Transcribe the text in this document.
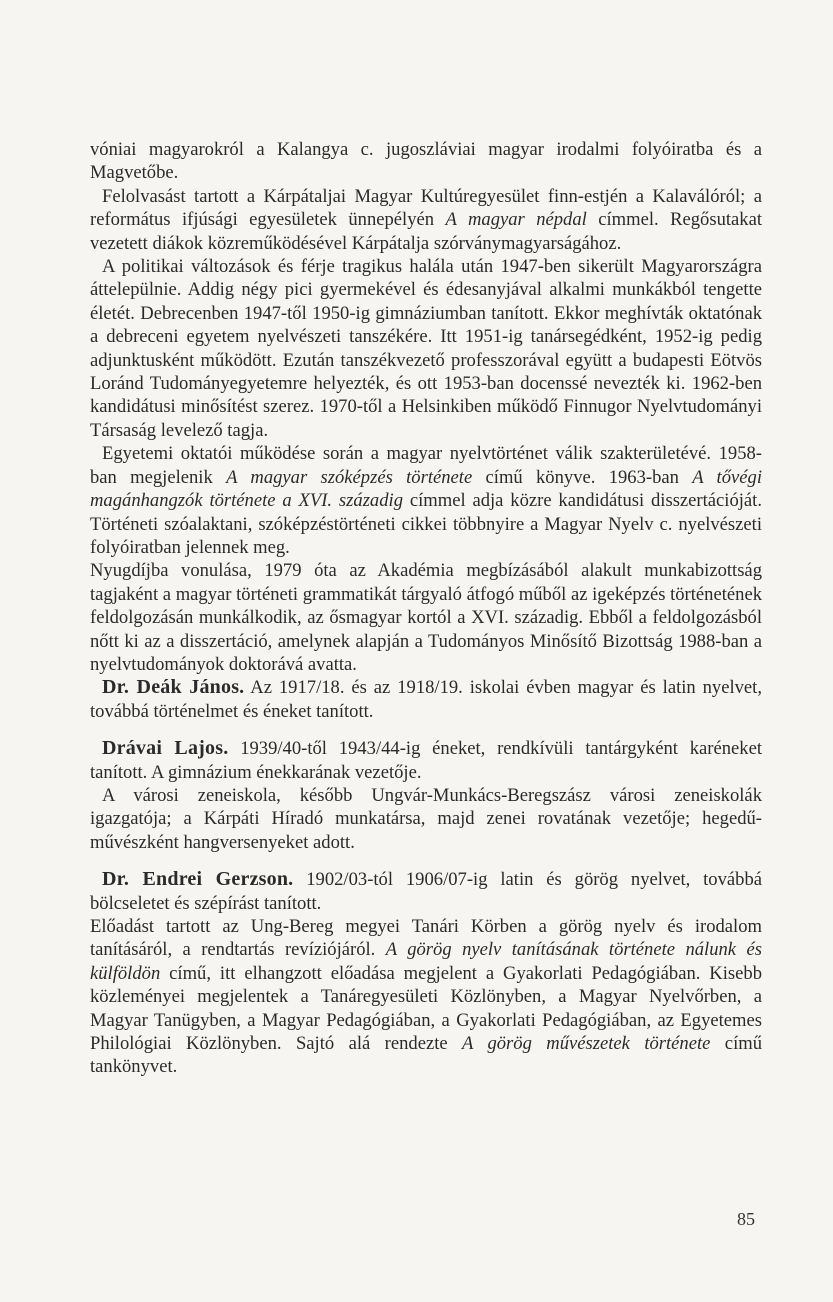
vóniai magyarokról a Kalangya c. jugoszláviai magyar irodalmi folyóiratba és a Magvetőbe.

Felolvasást tartott a Kárpátaljai Magyar Kultúregyesület finn-estjén a Kalaválóról; a református ifjúsági egyesületek ünnepélyén A magyar népdal címmel. Regősutakat vezetett diákok közreműködésével Kárpátalja szórványmagyarságához.

A politikai változások és férje tragikus halála után 1947-ben sikerült Magyarországra áttelepülnie. Addig négy pici gyermekével és édesanyjával alkalmi munkákból tengette életét. Debrecenben 1947-től 1950-ig gimnáziumban tanított. Ekkor meghívták oktatónak a debreceni egyetem nyelvészeti tanszékére. Itt 1951-ig tanársegédként, 1952-ig pedig adjunktusként működött. Ezután tanszékvezető professzorával együtt a budapesti Eötvös Loránd Tudományegyetemre helyezték, és ott 1953-ban docenssé nevezték ki. 1962-ben kandidátusi minősítést szerez. 1970-től a Helsinkiben működő Finnugor Nyelvtudományi Társaság levelező tagja.

Egyetemi oktatói működése során a magyar nyelvtörténet válik szakterületévé. 1958-ban megjelenik A magyar szóképzés története című könyve. 1963-ban A tővégi magánhangzók története a XVI. századig címmel adja közre kandidátusi disszertációját. Történeti szóalaktani, szóképzéstörténeti cikkei többnyire a Magyar Nyelv c. nyelvészeti folyóiratban jelennek meg.

Nyugdíjba vonulása, 1979 óta az Akadémia megbízásából alakult munkabizottság tagjaként a magyar történeti grammatikát tárgyaló átfogó műből az igeképzés történetének feldolgozásán munkálkodik, az ősmagyar kortól a XVI. századig. Ebből a feldolgozásból nőtt ki az a disszertáció, amelynek alapján a Tudományos Minősítő Bizottság 1988-ban a nyelvtudományok doktorává avatta.

Dr. Deák János. Az 1917/18. és az 1918/19. iskolai évben magyar és latin nyelvet, továbbá történelmet és éneket tanított.

Drávai Lajos. 1939/40-től 1943/44-ig éneket, rendkívüli tantárgyként karéneket tanított. A gimnázium énekkarának vezetője.

A városi zeneiskola, később Ungvár-Munkács-Beregszász városi zeneiskolák igazgatója; a Kárpáti Híradó munkatársa, majd zenei rovatának vezetője; hegedűművészként hangversenyeket adott.

Dr. Endrei Gerzson. 1902/03-tól 1906/07-ig latin és görög nyelvet, továbbá bölcseletet és szépírást tanított.

Előadást tartott az Ung-Bereg megyei Tanári Körben a görög nyelv és irodalom tanításáról, a rendtartás revíziójáról. A görög nyelv tanításának története nálunk és külföldön című, itt elhangzott előadása megjelent a Gyakorlati Pedagógiában. Kisebb közleményei megjelentek a Tanáregyesületi Közlönyben, a Magyar Nyelvőrben, a Magyar Tanügyben, a Magyar Pedagógiában, a Gyakorlati Pedagógiában, az Egyetemes Philológiai Közlönyben. Sajtó alá rendezte A görög művészetek története című tankönyvet.

85
